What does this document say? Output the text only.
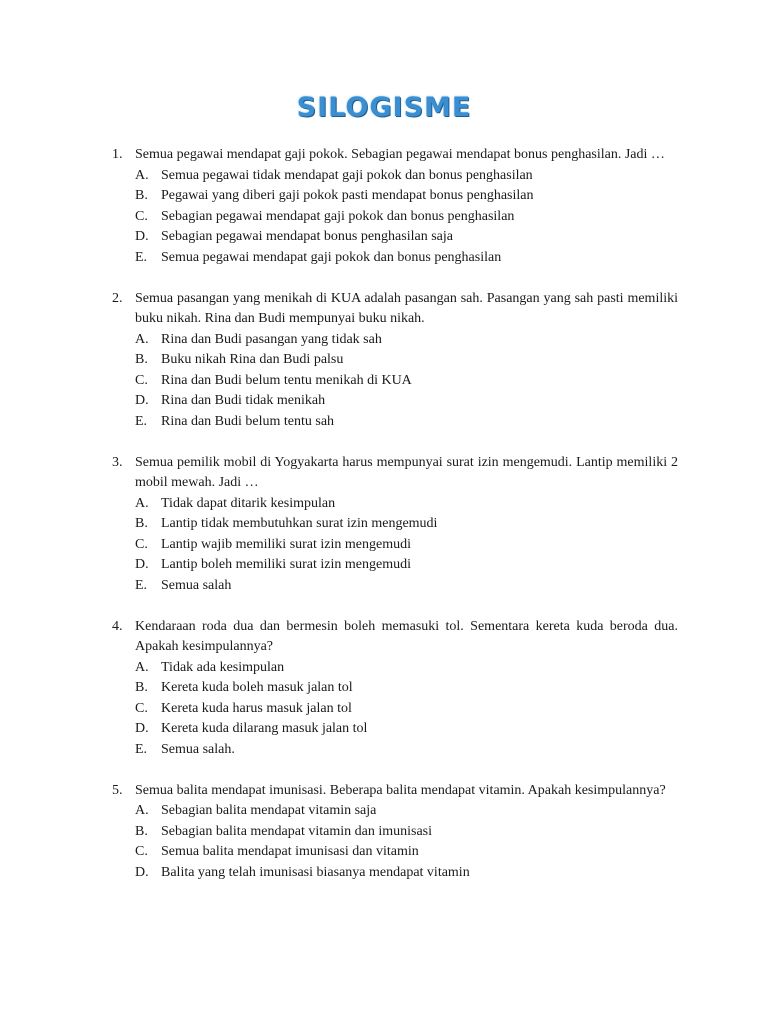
SILOGISME
1. Semua pegawai mendapat gaji pokok. Sebagian pegawai mendapat bonus penghasilan. Jadi …
A. Semua pegawai tidak mendapat gaji pokok dan bonus penghasilan
B. Pegawai yang diberi gaji pokok pasti mendapat bonus penghasilan
C. Sebagian pegawai mendapat gaji pokok dan bonus penghasilan
D. Sebagian pegawai mendapat bonus penghasilan saja
E. Semua pegawai mendapat gaji pokok dan bonus penghasilan
2. Semua pasangan yang menikah di KUA adalah pasangan sah. Pasangan yang sah pasti memiliki buku nikah. Rina dan Budi mempunyai buku nikah.
A. Rina dan Budi pasangan yang tidak sah
B. Buku nikah Rina dan Budi palsu
C. Rina dan Budi belum tentu menikah di KUA
D. Rina dan Budi tidak menikah
E. Rina dan Budi belum tentu sah
3. Semua pemilik mobil di Yogyakarta harus mempunyai surat izin mengemudi. Lantip memiliki 2 mobil mewah. Jadi …
A. Tidak dapat ditarik kesimpulan
B. Lantip tidak membutuhkan surat izin mengemudi
C. Lantip wajib memiliki surat izin mengemudi
D. Lantip boleh memiliki surat izin mengemudi
E. Semua salah
4. Kendaraan roda dua dan bermesin boleh memasuki tol. Sementara kereta kuda beroda dua. Apakah kesimpulannya?
A. Tidak ada kesimpulan
B. Kereta kuda boleh masuk jalan tol
C. Kereta kuda harus masuk jalan tol
D. Kereta kuda dilarang masuk jalan tol
E. Semua salah.
5. Semua balita mendapat imunisasi. Beberapa balita mendapat vitamin. Apakah kesimpulannya?
A. Sebagian balita mendapat vitamin saja
B. Sebagian balita mendapat vitamin dan imunisasi
C. Semua balita mendapat imunisasi dan vitamin
D. Balita yang telah imunisasi biasanya mendapat vitamin
